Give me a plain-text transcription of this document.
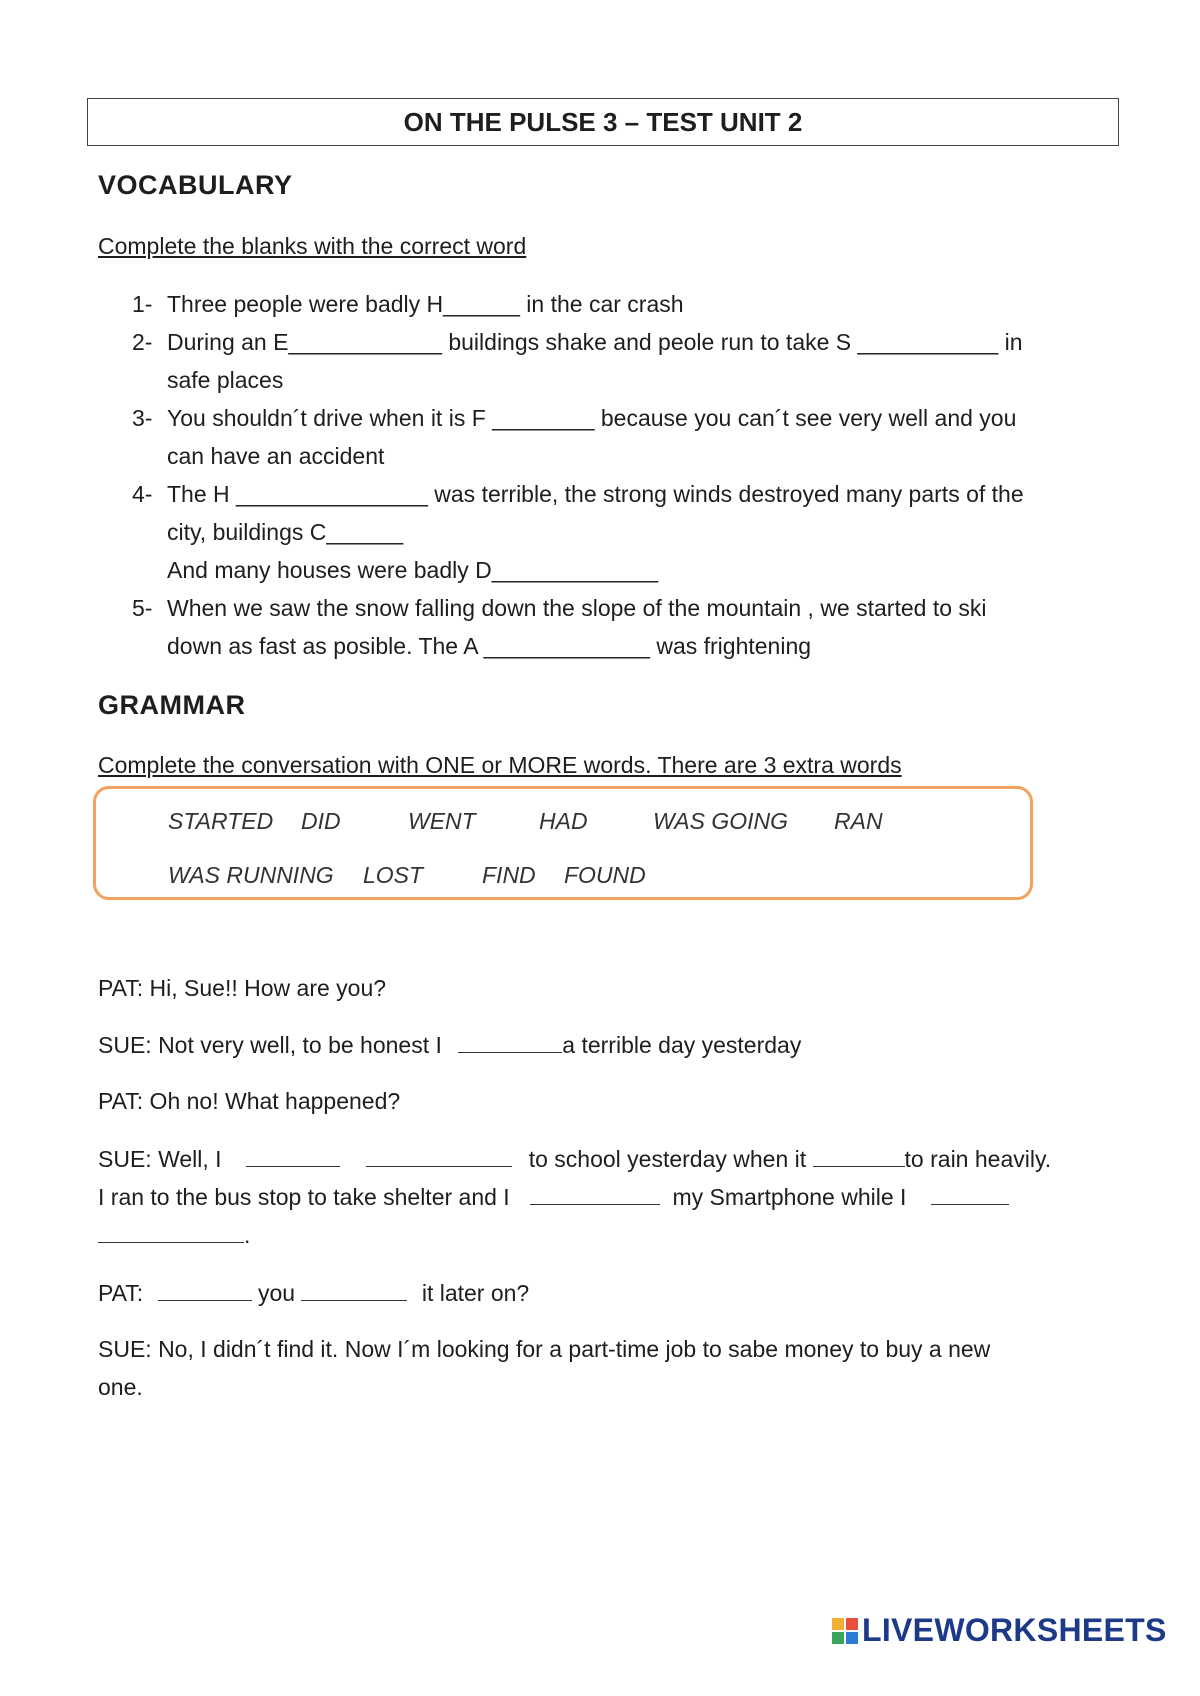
ON THE PULSE 3 – TEST UNIT 2
VOCABULARY
Complete the blanks with the correct word
1- Three people were badly H______ in the car crash
2- During an E____________ buildings shake and peole run to take S ___________ in
safe places
3- You shouldn´t drive when it is F ________ because you can´t see very well and you
can have an accident
4- The H _______________ was terrible, the strong winds destroyed many parts of the
city, buildings C______
And many houses were badly D_____________
5- When we saw the snow falling down the slope of the mountain , we started to ski
down as fast as posible. The A _____________ was frightening
GRAMMAR
Complete the conversation with ONE or MORE words. There are 3 extra words
STARTED DID	WENT	HAD	WAS GOING RAN
WAS RUNNING LOST	FIND FOUND
PAT: Hi, Sue!! How are you?
SUE: Not very well, to be honest I	a terrible day yesterday
PAT: Oh no! What happened?
SUE: Well, I	to school yesterday when it	to rain heavily.
I ran to the bus stop to take shelter and I	my Smartphone while I
.
PAT:	you	it later on?
SUE: No, I didn´t find it. Now I´m looking for a part-time job to sabe money to buy a new
one.
LIVEWORKSHEETS
